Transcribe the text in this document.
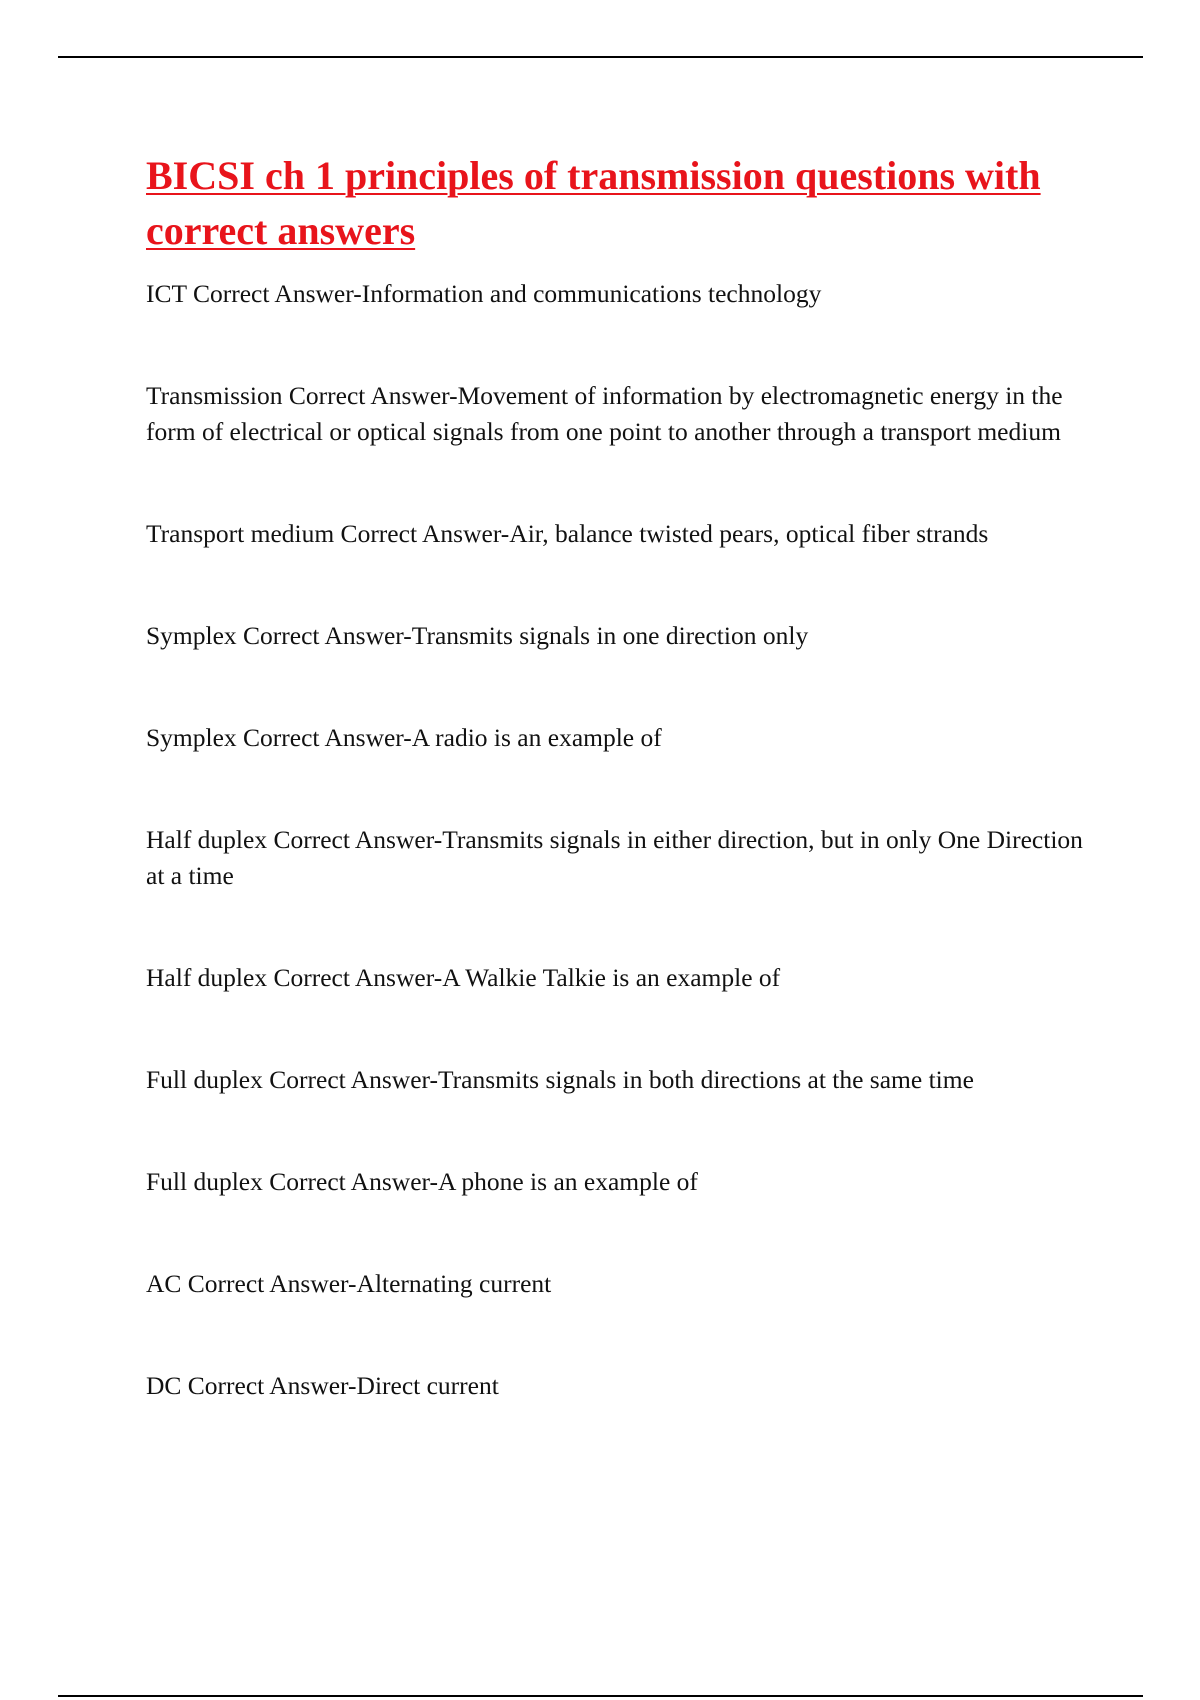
BICSI ch 1 principles of transmission questions with correct answers

ICT Correct Answer-Information and communications technology

Transmission Correct Answer-Movement of information by electromagnetic energy in the form of electrical or optical signals from one point to another through a transport medium

Transport medium Correct Answer-Air, balance twisted pears, optical fiber strands

Symplex Correct Answer-Transmits signals in one direction only

Symplex Correct Answer-A radio is an example of

Half duplex Correct Answer-Transmits signals in either direction, but in only One Direction at a time

Half duplex Correct Answer-A Walkie Talkie is an example of

Full duplex Correct Answer-Transmits signals in both directions at the same time

Full duplex Correct Answer-A phone is an example of

AC Correct Answer-Alternating current

DC Correct Answer-Direct current
